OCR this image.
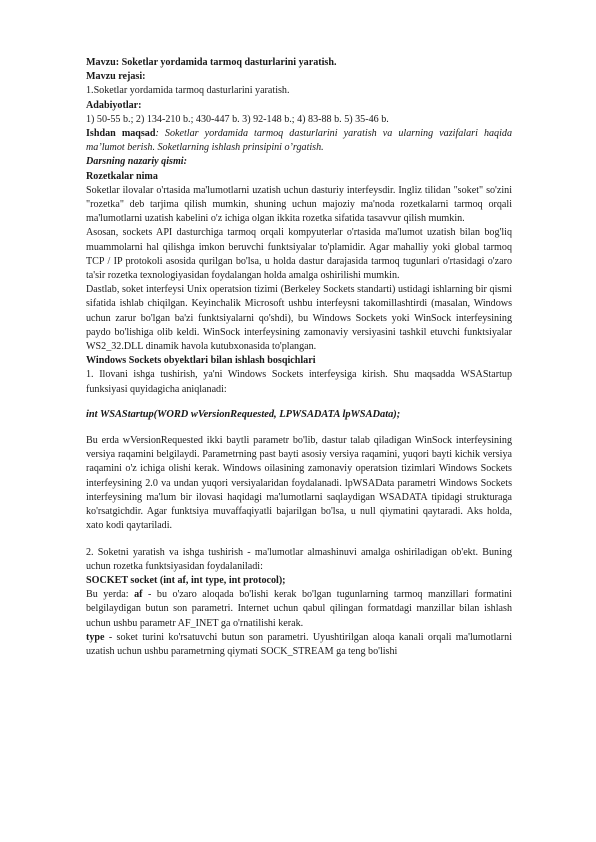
Mavzu: Soketlar yordamida tarmoq dasturlarini yaratish.
Mavzu rejasi:
1.Soketlar yordamida tarmoq dasturlarini yaratish.
Adabiyotlar:
1) 50-55 b.; 2) 134-210 b.; 430-447 b. 3) 92-148 b.; 4) 83-88 b. 5) 35-46 b.
Ishdan maqsad: Soketlar yordamida tarmoq dasturlarini yaratish va ularning vazifalari haqida ma’lumot berish. Soketlarning ishlash prinsipini o’rgatish.
Darsning nazariy qismi:
Rozetkalar nima
Soketlar ilovalar o'rtasida ma'lumotlarni uzatish uchun dasturiy interfeysdir. Ingliz tilidan "soket" so'zini "rozetka" deb tarjima qilish mumkin, shuning uchun majoziy ma'noda rozetkalarni tarmoq orqali ma'lumotlarni uzatish kabelini o'z ichiga olgan ikkita rozetka sifatida tasavvur qilish mumkin.
Asosan, sockets API dasturchiga tarmoq orqali kompyuterlar o'rtasida ma'lumot uzatish bilan bog'liq muammolarni hal qilishga imkon beruvchi funktsiyalar to'plamidir. Agar mahalliy yoki global tarmoq TCP / IP protokoli asosida qurilgan bo'lsa, u holda dastur darajasida tarmoq tugunlari o'rtasidagi o'zaro ta'sir rozetka texnologiyasidan foydalangan holda amalga oshirilishi mumkin.
Dastlab, soket interfeysi Unix operatsion tizimi (Berkeley Sockets standarti) ustidagi ishlarning bir qismi sifatida ishlab chiqilgan. Keyinchalik Microsoft ushbu interfeysni takomillashtirdi (masalan, Windows uchun zarur bo'lgan ba'zi funktsiyalarni qo'shdi), bu Windows Sockets yoki WinSock interfeysining paydo bo'lishiga olib keldi. WinSock interfeysining zamonaviy versiyasini tashkil etuvchi funktsiyalar WS2_32.DLL dinamik havola kutubxonasida to'plangan.
Windows Sockets obyektlari bilan ishlash bosqichlari
1. Ilovani ishga tushirish, ya'ni Windows Sockets interfeysiga kirish. Shu maqsadda WSAStartup funksiyasi quyidagicha aniqlanadi:
int WSAStartup(WORD wVersionRequested, LPWSADATA lpWSAData);
Bu erda wVersionRequested ikki baytli parametr bo'lib, dastur talab qiladigan WinSock interfeysining versiya raqamini belgilaydi. Parametrning past bayti asosiy versiya raqamini, yuqori bayti kichik versiya raqamini o'z ichiga olishi kerak. Windows oilasining zamonaviy operatsion tizimlari Windows Sockets interfeysining 2.0 va undan yuqori versiyalaridan foydalanadi. lpWSAData parametri Windows Sockets interfeysining ma'lum bir ilovasi haqidagi ma'lumotlarni saqlaydigan WSADATA tipidagi strukturaga ko'rsatgichdir. Agar funktsiya muvaffaqiyatli bajarilgan bo'lsa, u null qiymatini qaytaradi. Aks holda, xato kodi qaytariladi.
2. Soketni yaratish va ishga tushirish - ma'lumotlar almashinuvi amalga oshiriladigan ob'ekt. Buning uchun rozetka funktsiyasidan foydalaniladi:
SOCKET socket (int af, int type, int protocol);
Bu yerda: af - bu o'zaro aloqada bo'lishi kerak bo'lgan tugunlarning tarmoq manzillari formatini belgilaydigan butun son parametri. Internet uchun qabul qilingan formatdagi manzillar bilan ishlash uchun ushbu parametr AF_INET ga o'rnatilishi kerak.
type - soket turini ko'rsatuvchi butun son parametri. Uyushtirilgan aloqa kanali orqali ma'lumotlarni uzatish uchun ushbu parametrning qiymati SOCK_STREAM ga teng bo'lishi
